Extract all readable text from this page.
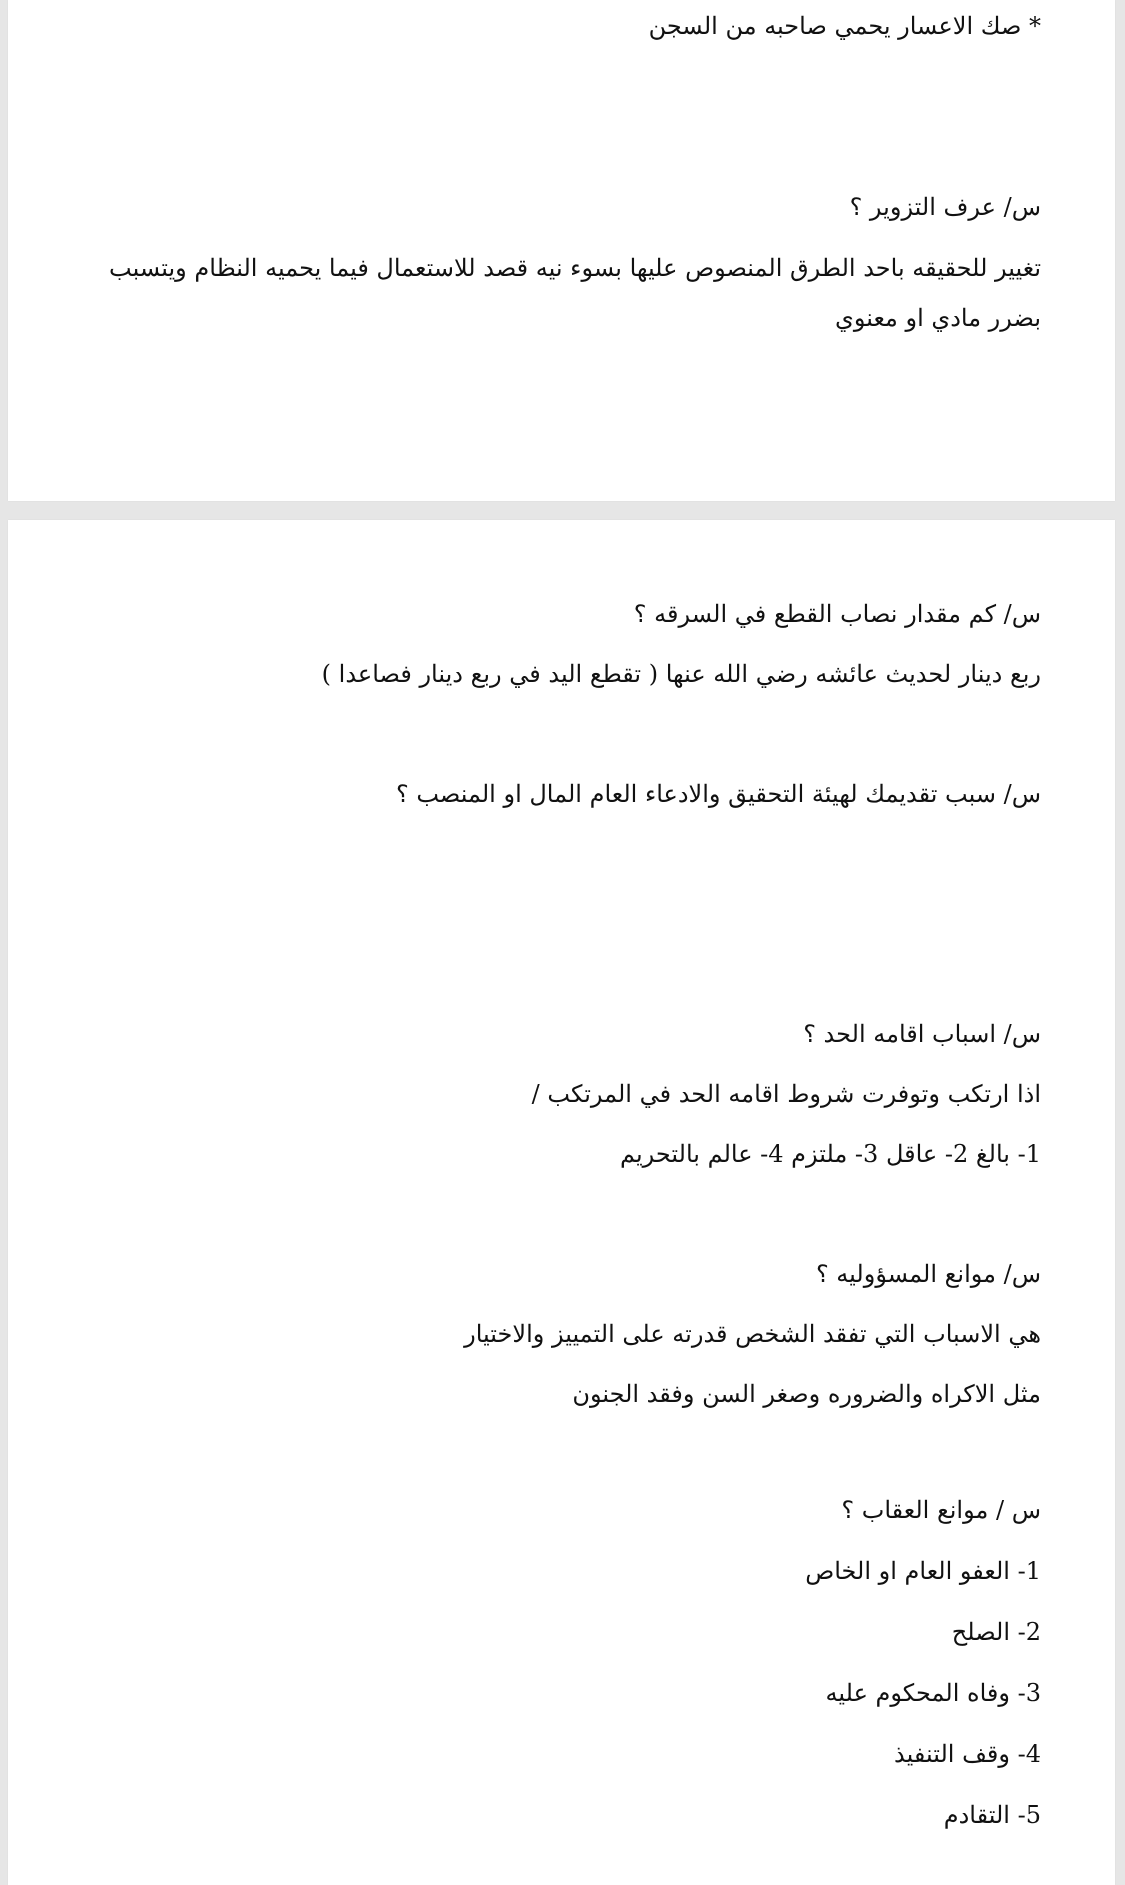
* صك الاعسار يحمي صاحبه من السجن
س/ عرف التزوير ؟
تغيير للحقيقه باحد الطرق المنصوص عليها بسوء نيه قصد للاستعمال فيما يحميه النظام ويتسبب بضرر مادي او معنوي
س/ كم مقدار نصاب القطع في السرقه ؟
ربع دينار لحديث عائشه رضي الله عنها ( تقطع اليد في ربع دينار فصاعدا )
س/ سبب تقديمك لهيئة التحقيق والادعاء العام المال او المنصب ؟
س/ اسباب اقامه الحد ؟
اذا ارتكب وتوفرت شروط اقامه الحد في المرتكب /
1- بالغ 2- عاقل 3- ملتزم 4- عالم بالتحريم
س/ موانع المسؤوليه ؟
هي الاسباب التي تفقد الشخص قدرته على التمييز والاختيار
مثل الاكراه والضروره وصغر السن وفقد الجنون
س / موانع العقاب ؟
1- العفو العام او الخاص
2- الصلح
3- وفاه المحكوم عليه
4- وقف التنفيذ
5- التقادم
